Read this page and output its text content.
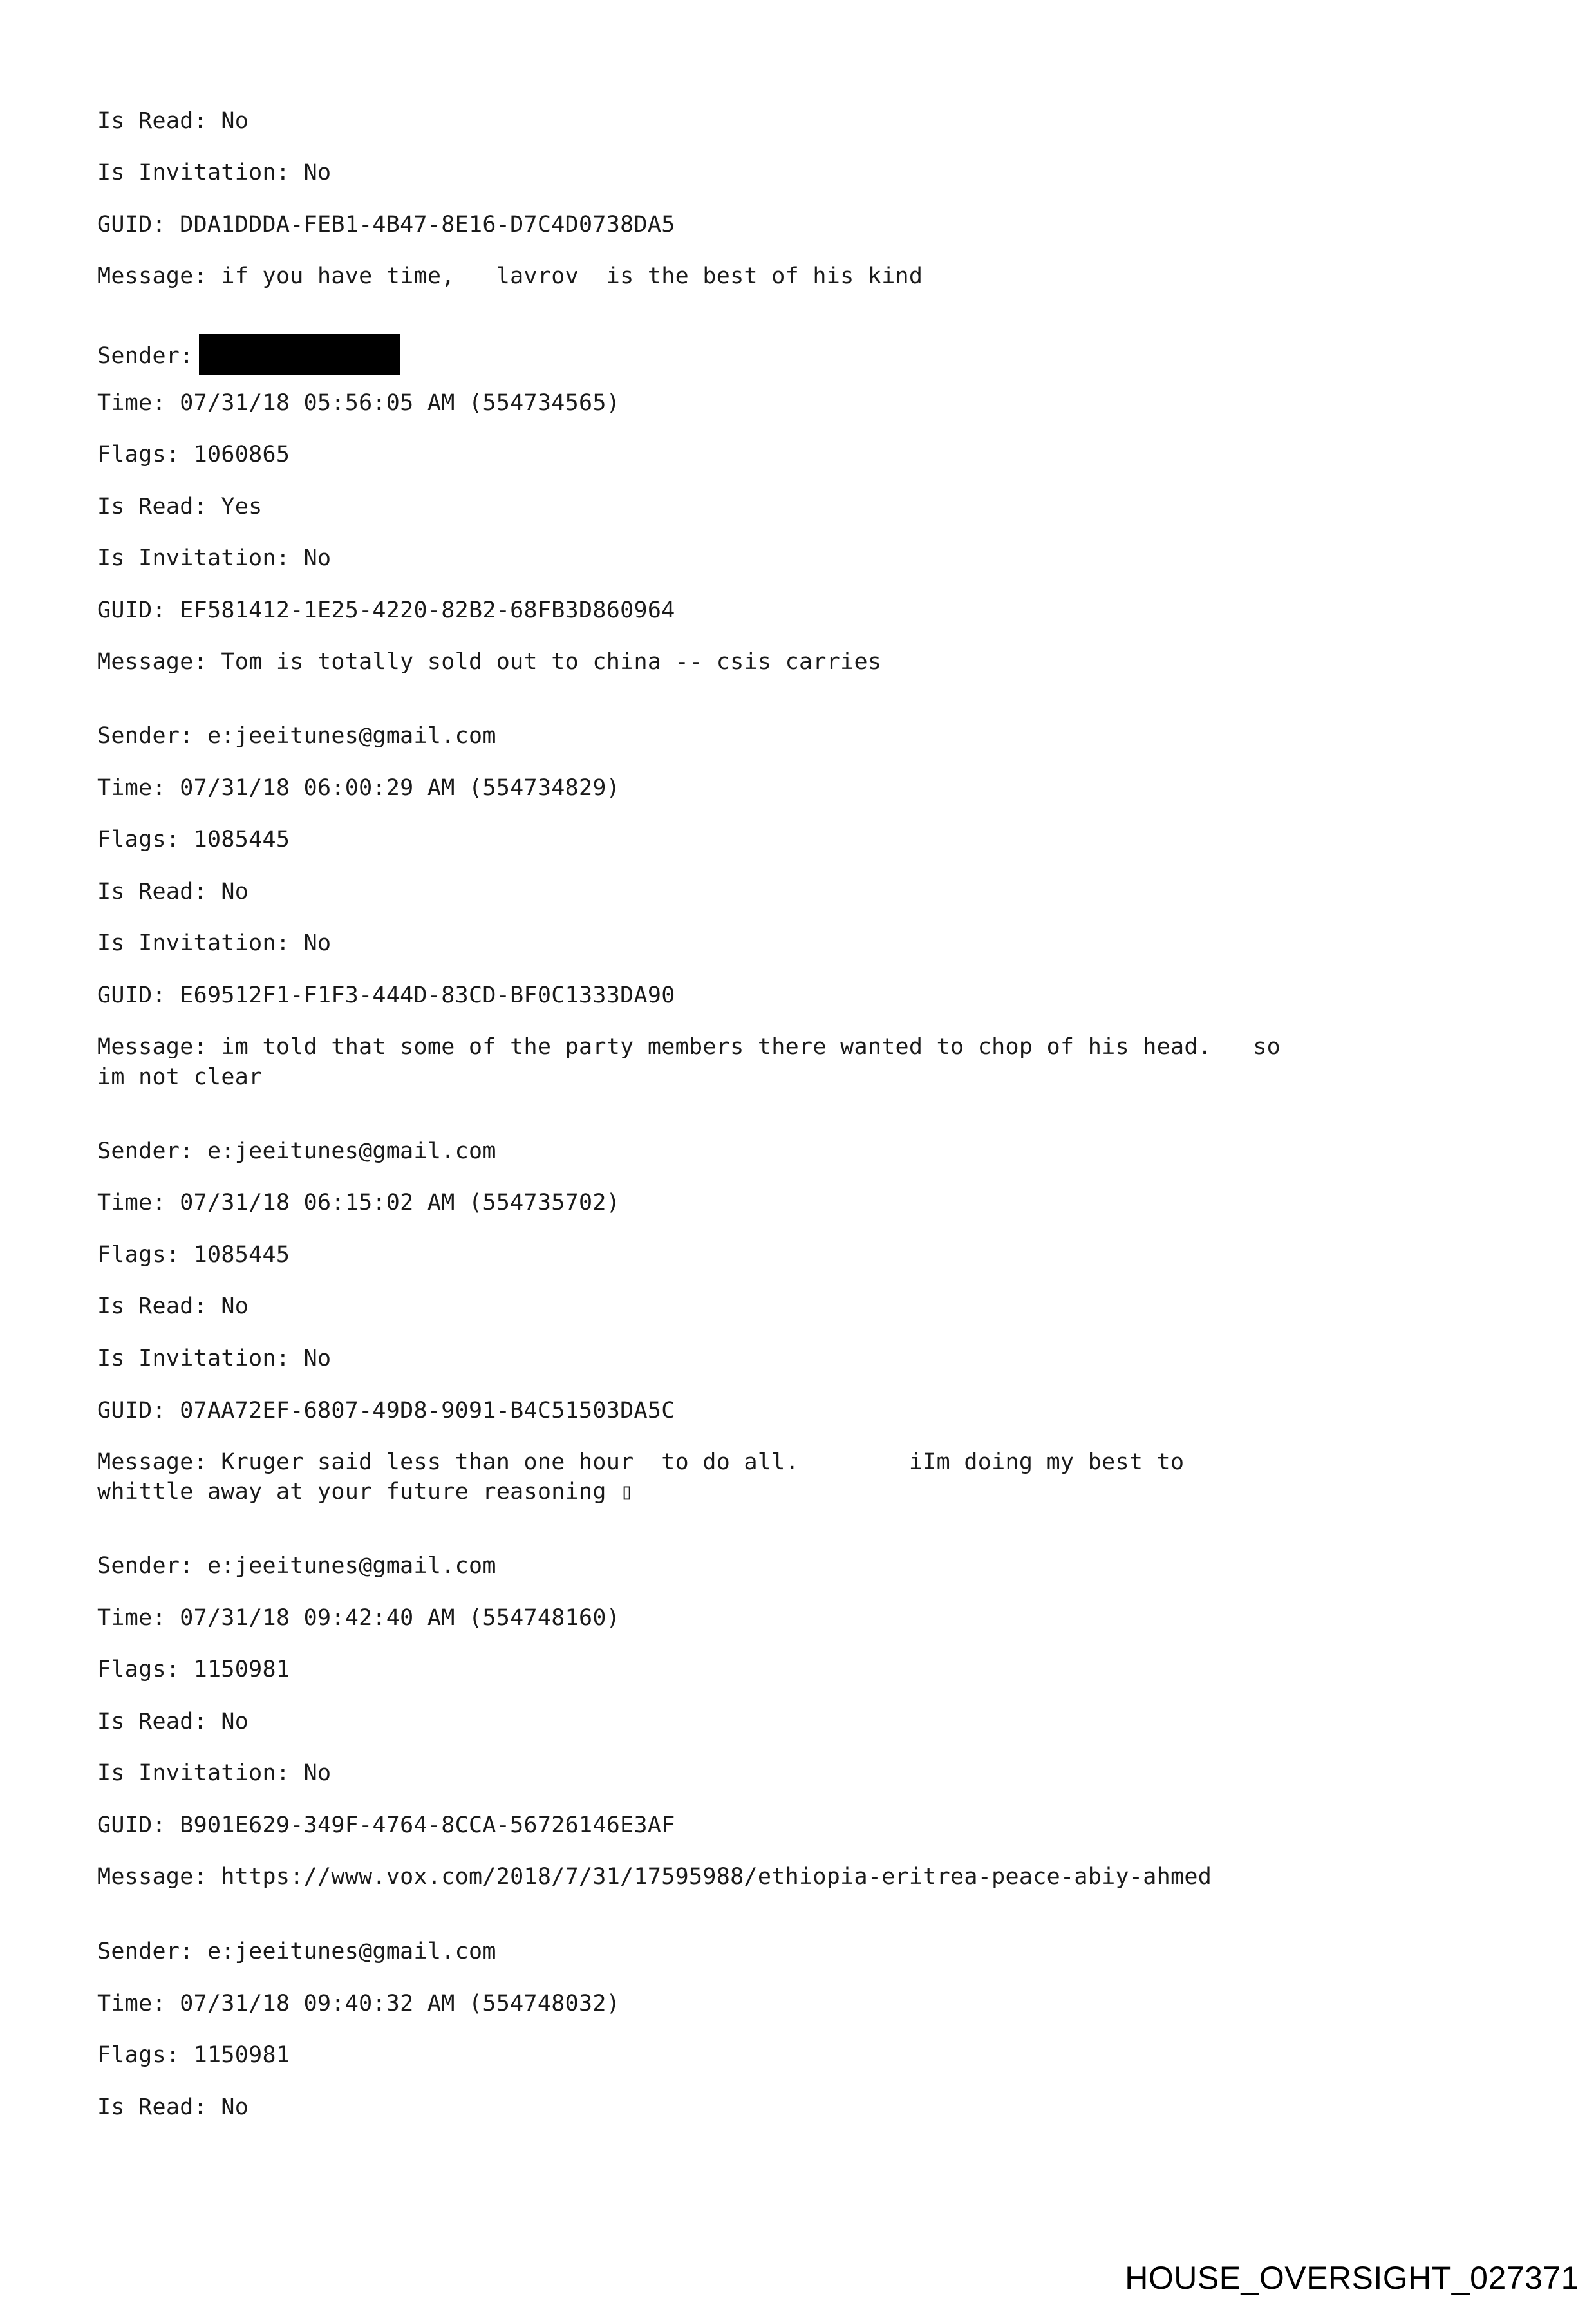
Is Read: No
Is Invitation: No
GUID: DDA1DDDA-FEB1-4B47-8E16-D7C4D0738DA5
Message: if you have time,   lavrov  is the best of his kind
Sender:
Time: 07/31/18 05:56:05 AM (554734565)
Flags: 1060865
Is Read: Yes
Is Invitation: No
GUID: EF581412-1E25-4220-82B2-68FB3D860964
Message: Tom is totally sold out to china -- csis carries
Sender: e:jeeitunes@gmail.com
Time: 07/31/18 06:00:29 AM (554734829)
Flags: 1085445
Is Read: No
Is Invitation: No
GUID: E69512F1-F1F3-444D-83CD-BF0C1333DA90
Message: im told that some of the party members there wanted to chop of his head.   so
im not clear
Sender: e:jeeitunes@gmail.com
Time: 07/31/18 06:15:02 AM (554735702)
Flags: 1085445
Is Read: No
Is Invitation: No
GUID: 07AA72EF-6807-49D8-9091-B4C51503DA5C
Message: Kruger said less than one hour  to do all.        iIm doing my best to
whittle away at your future reasoning ▯
Sender: e:jeeitunes@gmail.com
Time: 07/31/18 09:42:40 AM (554748160)
Flags: 1150981
Is Read: No
Is Invitation: No
GUID: B901E629-349F-4764-8CCA-56726146E3AF
Message: https://www.vox.com/2018/7/31/17595988/ethiopia-eritrea-peace-abiy-ahmed
Sender: e:jeeitunes@gmail.com
Time: 07/31/18 09:40:32 AM (554748032)
Flags: 1150981
Is Read: No
HOUSE_OVERSIGHT_027371
